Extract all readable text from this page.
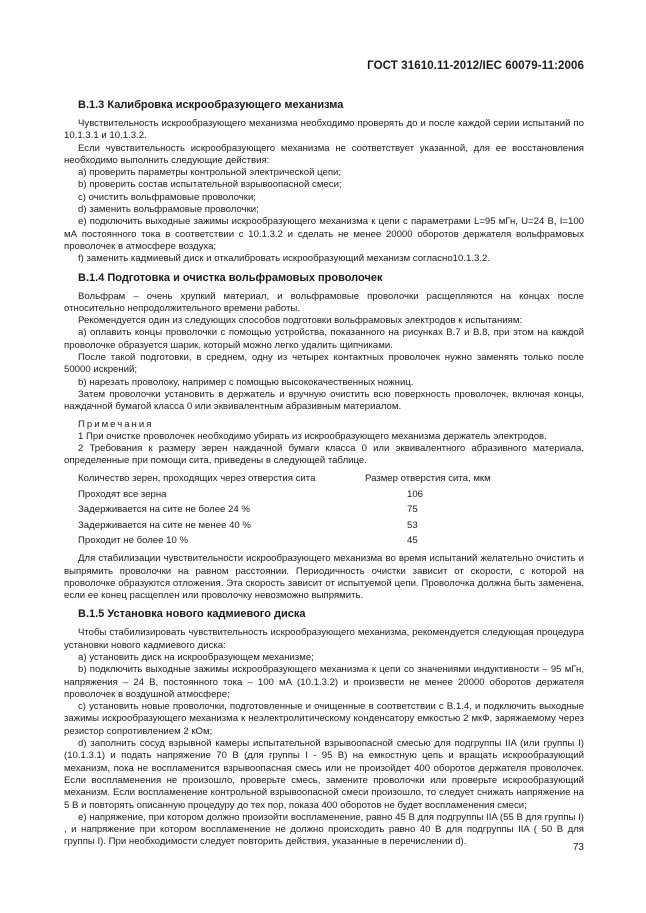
ГОСТ 31610.11-2012/IEC 60079-11:2006
B.1.3 Калибровка искрообразующего механизма

Чувствительность искрообразующего механизма необходимо проверять до и после каждой серии испытаний по 10.1.3.1 и 10.1.3.2.

Если чувствительность искрообразующего механизма не соответствует указанной, для ее восстановления необходимо выполнить следующие действия:

а) проверить параметры контрольной электрической цепи;

b) проверить состав испытательной взрывоопасной смеси;

c) очистить вольфрамовые проволочки;

d) заменить вольфрамовые проволочки;

e) подключить выходные зажимы искрообразующего механизма к цепи с параметрами L=95 мГн, U=24 В, I=100 мА постоянного тока в соответствии с 10.1.3.2 и сделать не менее 20000 оборотов держателя вольфрамовых проволочек в атмосфере воздуха;

f) заменить кадмиевый диск и откалибровать искрообразующий механизм согласно10.1.3.2.

B.1.4 Подготовка и очистка вольфрамовых проволочек

Вольфрам – очень хрупкий материал, и вольфрамовые проволочки расщепляются на концах после относительно непродолжительного времени работы.

Рекомендуется один из следующих способов подготовки вольфрамовых электродов к испытаниям:

а) оплавить концы проволочки с помощью устройства, показанного на рисунках B.7 и B.8, при этом на каждой проволочке образуется шарик, который можно легко удалить щипчиками.

После такой подготовки, в среднем, одну из четырех контактных проволочек нужно заменять только после 50000 искрений;

b) нарезать проволоку, например с помощью высококачественных ножниц.

Затем проволочки установить в держатель и вручную очистить всю поверхность проволочек, включая концы, наждачной бумагой класса 0 или эквивалентным абразивным материалом.

Примечания

1 При очистке проволочек необходимо убирать из искрообразующего механизма держатель электродов.

2 Требования к размеру зерен наждачной бумаги класса 0 или эквивалентного абразивного материала, определенные при помощи сита, приведены в следующей таблице.

Количество зерен, проходящих через отверстия сита	Размер отверстия сита, мкм
Проходят все зерна	106
Задерживается на сите не более 24 %	75
Задерживается на сите не менее 40 %	53
Проходит не более 10 %	45

Для стабилизации чувствительности искрообразующего механизма во время испытаний желательно очистить и выпрямить проволочки на равном расстоянии. Периодичность очистки зависит от скорости, с которой на проволочке образуются отложения. Эта скорость зависит от испытуемой цепи. Проволочка должна быть заменена, если ее конец расщеплен или проволочку невозможно выпрямить.

B.1.5 Установка нового кадмиевого диска

Чтобы стабилизировать чувствительность искрообразующего механизма, рекомендуется следующая процедура установки нового кадмиевого диска:

а) установить диск на искрообразующем механизме;

b) подключить выходные зажимы искрообразующего механизма к цепи со значениями индуктивности – 95 мГн, напряжения – 24 В, постоянного тока – 100 мА (10.1.3.2) и произвести не менее 20000 оборотов держателя проволочек в воздушной атмосфере;

c) установить новые проволочки, подготовленные и очищенные в соответствии с B.1.4, и подключить выходные зажимы искрообразующего механизма к неэлектролитическому конденсатору емкостью 2 мкФ, заряжаемому через резистор сопротивлением 2 кОм;

d) заполнить сосуд взрывной камеры испытательной взрывоопасной смесью для подгруппы IIA (или группы I) (10.1.3.1) и подать напряжение 70 В (для группы I - 95 В) на емкостную цепь и вращать искрообразующий механизм, пока не воспламенится взрывоопасная смесь или не произойдет 400 оборотов держателя проволочек. Если воспламенения не произошло, проверьте смесь, замените проволочки или проверьте искрообразующий механизм. Если воспламенение контрольной взрывоопасной смеси произошло, то следует снижать напряжение на 5 В и повторять описанную процедуру до тех пор, показа 400 оборотов не будет воспламенения смеси;

e) напряжение, при котором должно произойти воспламенение, равно 45 В для подгруппы IIA (55 В для группы I) , и напряжение при котором воспламенение не должно происходить равно 40 В для подгруппы IIA ( 50 В для группы I). При необходимости следует повторить действия, указанные в перечислении d).

73
